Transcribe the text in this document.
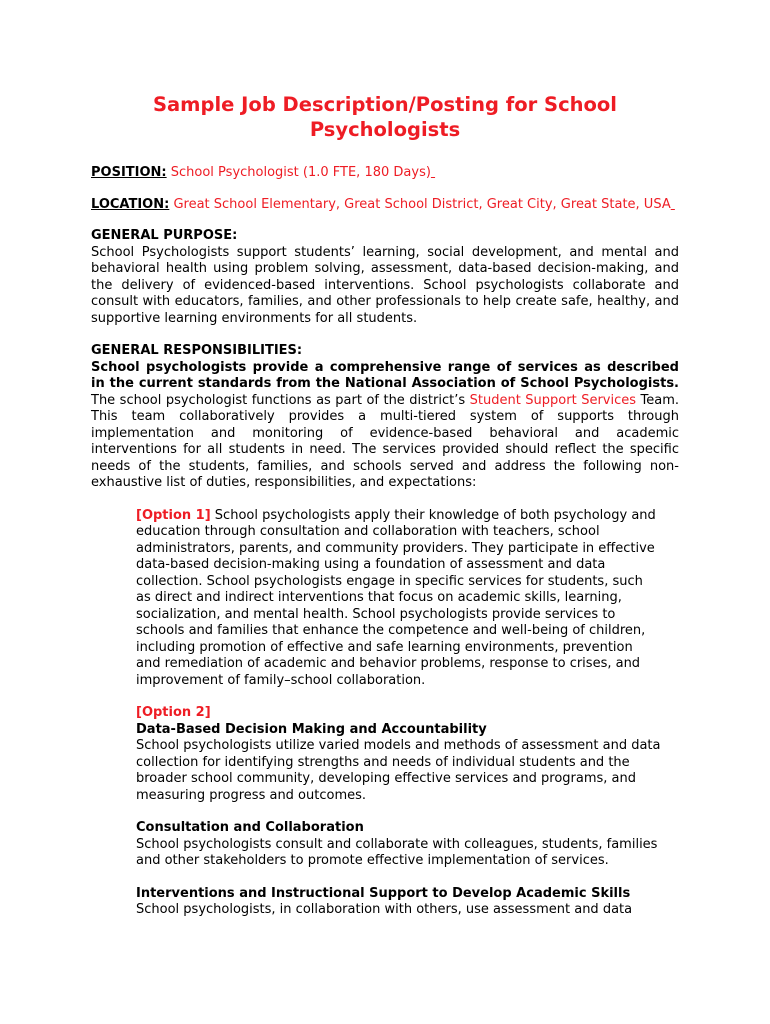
Sample Job Description/Posting for School
Psychologists

POSITION: School Psychologist (1.0 FTE, 180 Days)

LOCATION: Great School Elementary, Great School District, Great City, Great State, USA

GENERAL PURPOSE:

School Psychologists support students’ learning, social development, and mental and behavioral health using problem solving, assessment, data-based decision-making, and the delivery of evidenced-based interventions. School psychologists collaborate and consult with educators, families, and other professionals to help create safe, healthy, and supportive learning environments for all students.

GENERAL RESPONSIBILITIES:

School psychologists provide a comprehensive range of services as described in the current standards from the National Association of School Psychologists. The school psychologist functions as part of the district’s Student Support Services Team. This team collaboratively provides a multi-tiered system of supports through implementation and monitoring of evidence-based behavioral and academic interventions for all students in need. The services provided should reflect the specific needs of the students, families, and schools served and address the following non-exhaustive list of duties, responsibilities, and expectations:

[Option 1] School psychologists apply their knowledge of both psychology and education through consultation and collaboration with teachers, school administrators, parents, and community providers. They participate in effective data-based decision-making using a foundation of assessment and data collection. School psychologists engage in specific services for students, such as direct and indirect interventions that focus on academic skills, learning, socialization, and mental health. School psychologists provide services to schools and families that enhance the competence and well-being of children, including promotion of effective and safe learning environments, prevention and remediation of academic and behavior problems, response to crises, and improvement of family–school collaboration.

[Option 2]

Data-Based Decision Making and Accountability

School psychologists utilize varied models and methods of assessment and data collection for identifying strengths and needs of individual students and the broader school community, developing effective services and programs, and measuring progress and outcomes.

Consultation and Collaboration

School psychologists consult and collaborate with colleagues, students, families and other stakeholders to promote effective implementation of services.

Interventions and Instructional Support to Develop Academic Skills

School psychologists, in collaboration with others, use assessment and data
